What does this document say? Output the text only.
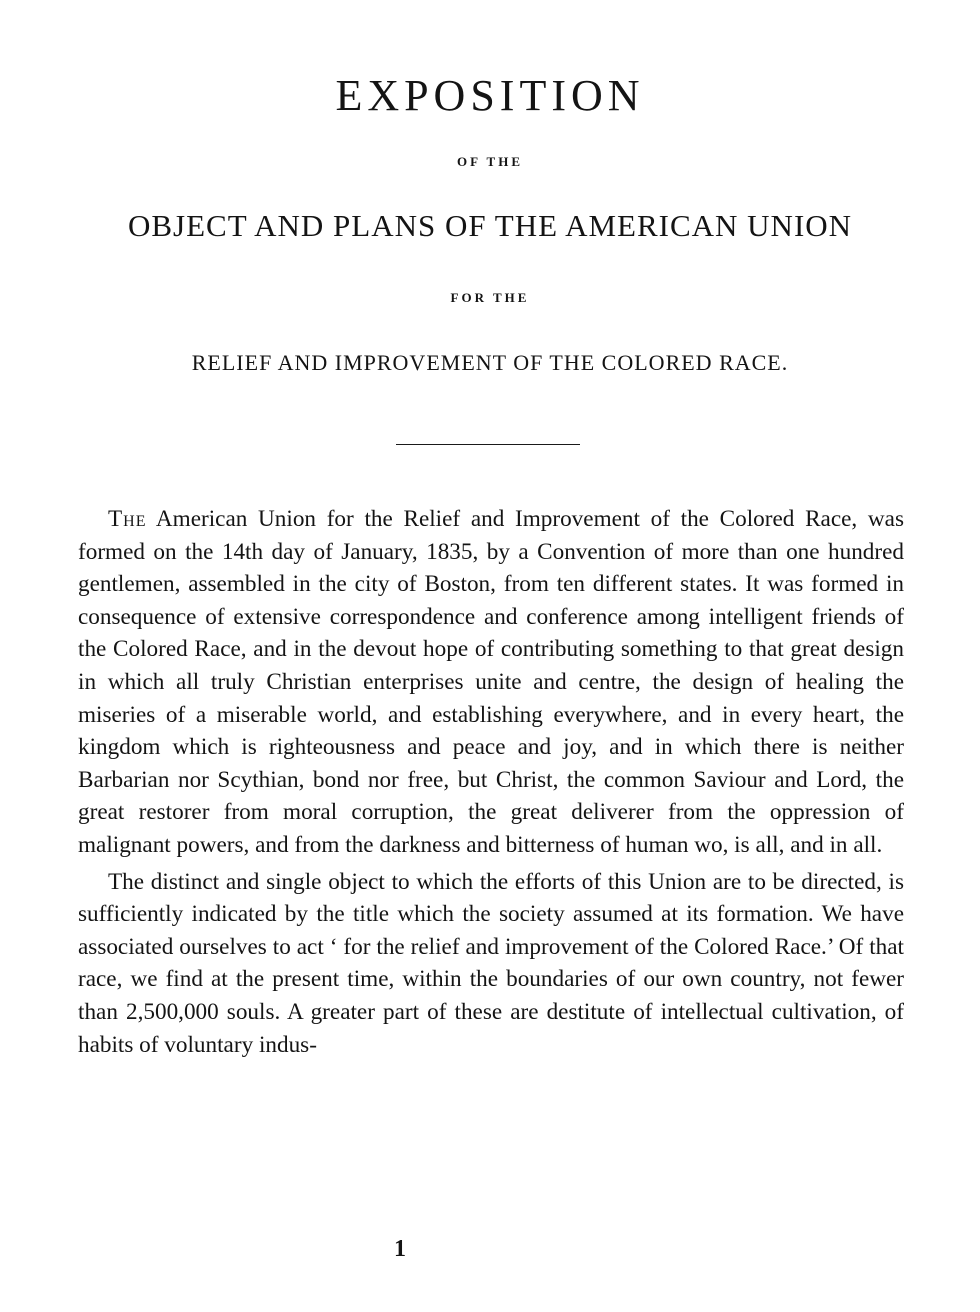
EXPOSITION

OF THE

OBJECT AND PLANS OF THE AMERICAN UNION

FOR THE

RELIEF AND IMPROVEMENT OF THE COLORED RACE.

The American Union for the Relief and Improvement of the Colored Race, was formed on the 14th day of January, 1835, by a Convention of more than one hundred gentlemen, assembled in the city of Boston, from ten different states. It was formed in consequence of extensive correspondence and conference among intelligent friends of the Colored Race, and in the devout hope of contributing something to that great design in which all truly Christian enterprises unite and centre, the design of healing the miseries of a miserable world, and establishing everywhere, and in every heart, the kingdom which is righteousness and peace and joy, and in which there is neither Barbarian nor Scythian, bond nor free, but Christ, the common Saviour and Lord, the great restorer from moral corruption, the great deliverer from the oppression of malignant powers, and from the darkness and bitterness of human wo, is all, and in all.

The distinct and single object to which the efforts of this Union are to be directed, is sufficiently indicated by the title which the society assumed at its formation. We have associated ourselves to act ‘ for the relief and improvement of the Colored Race.’ Of that race, we find at the present time, within the boundaries of our own country, not fewer than 2,500,000 souls. A greater part of these are destitute of intellectual cultivation, of habits of voluntary indus-

1
